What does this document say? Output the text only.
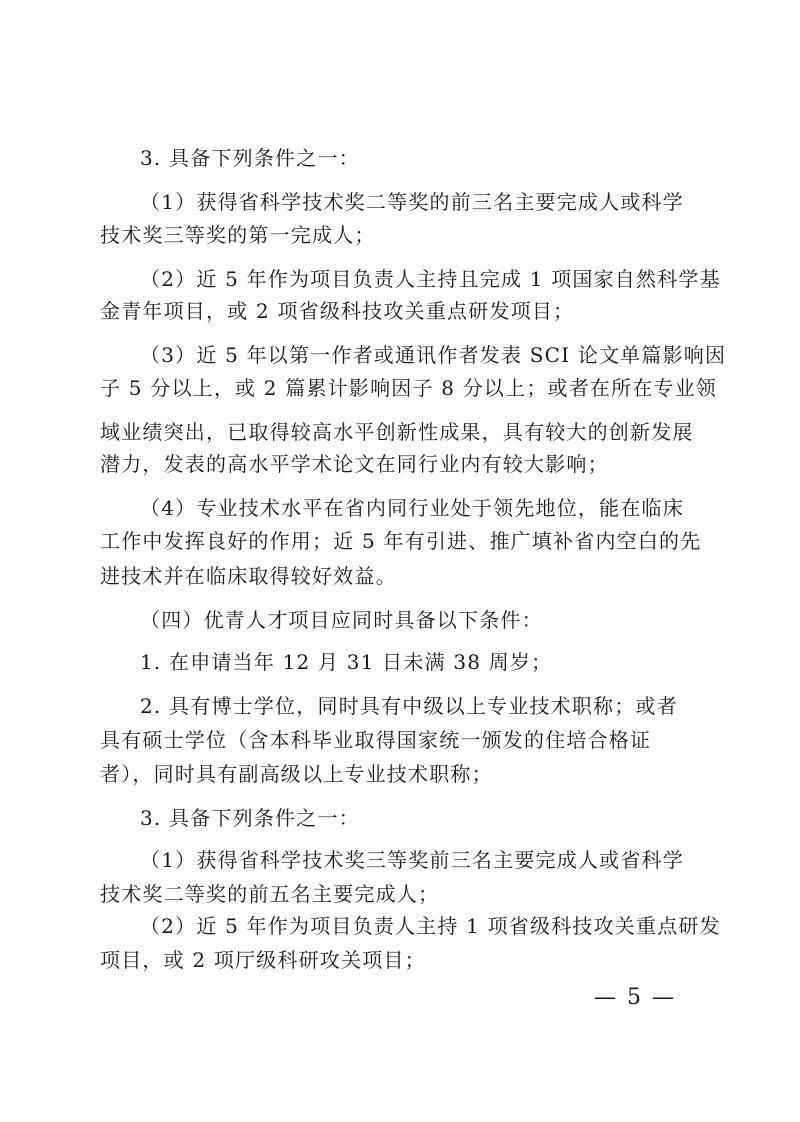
3. 具备下列条件之一：
（1）获得省科学技术奖二等奖的前三名主要完成人或科学
技术奖三等奖的第一完成人；
（2）近 5 年作为项目负责人主持且完成 1 项国家自然科学基
金青年项目，或 2 项省级科技攻关重点研发项目；
（3）近 5 年以第一作者或通讯作者发表 SCI 论文单篇影响因
子 5 分以上，或 2 篇累计影响因子 8 分以上；或者在所在专业领
域业绩突出，已取得较高水平创新性成果，具有较大的创新发展
潜力，发表的高水平学术论文在同行业内有较大影响；
（4）专业技术水平在省内同行业处于领先地位，能在临床
工作中发挥良好的作用；近 5 年有引进、推广填补省内空白的先
进技术并在临床取得较好效益。
（四）优青人才项目应同时具备以下条件：
1. 在申请当年 12 月 31 日未满 38 周岁；
2. 具有博士学位，同时具有中级以上专业技术职称；或者
具有硕士学位（含本科毕业取得国家统一颁发的住培合格证
者），同时具有副高级以上专业技术职称；
3. 具备下列条件之一：
（1）获得省科学技术奖三等奖前三名主要完成人或省科学
技术奖二等奖的前五名主要完成人；
（2）近 5 年作为项目负责人主持 1 项省级科技攻关重点研发
项目，或 2 项厅级科研攻关项目；
— 5 —
